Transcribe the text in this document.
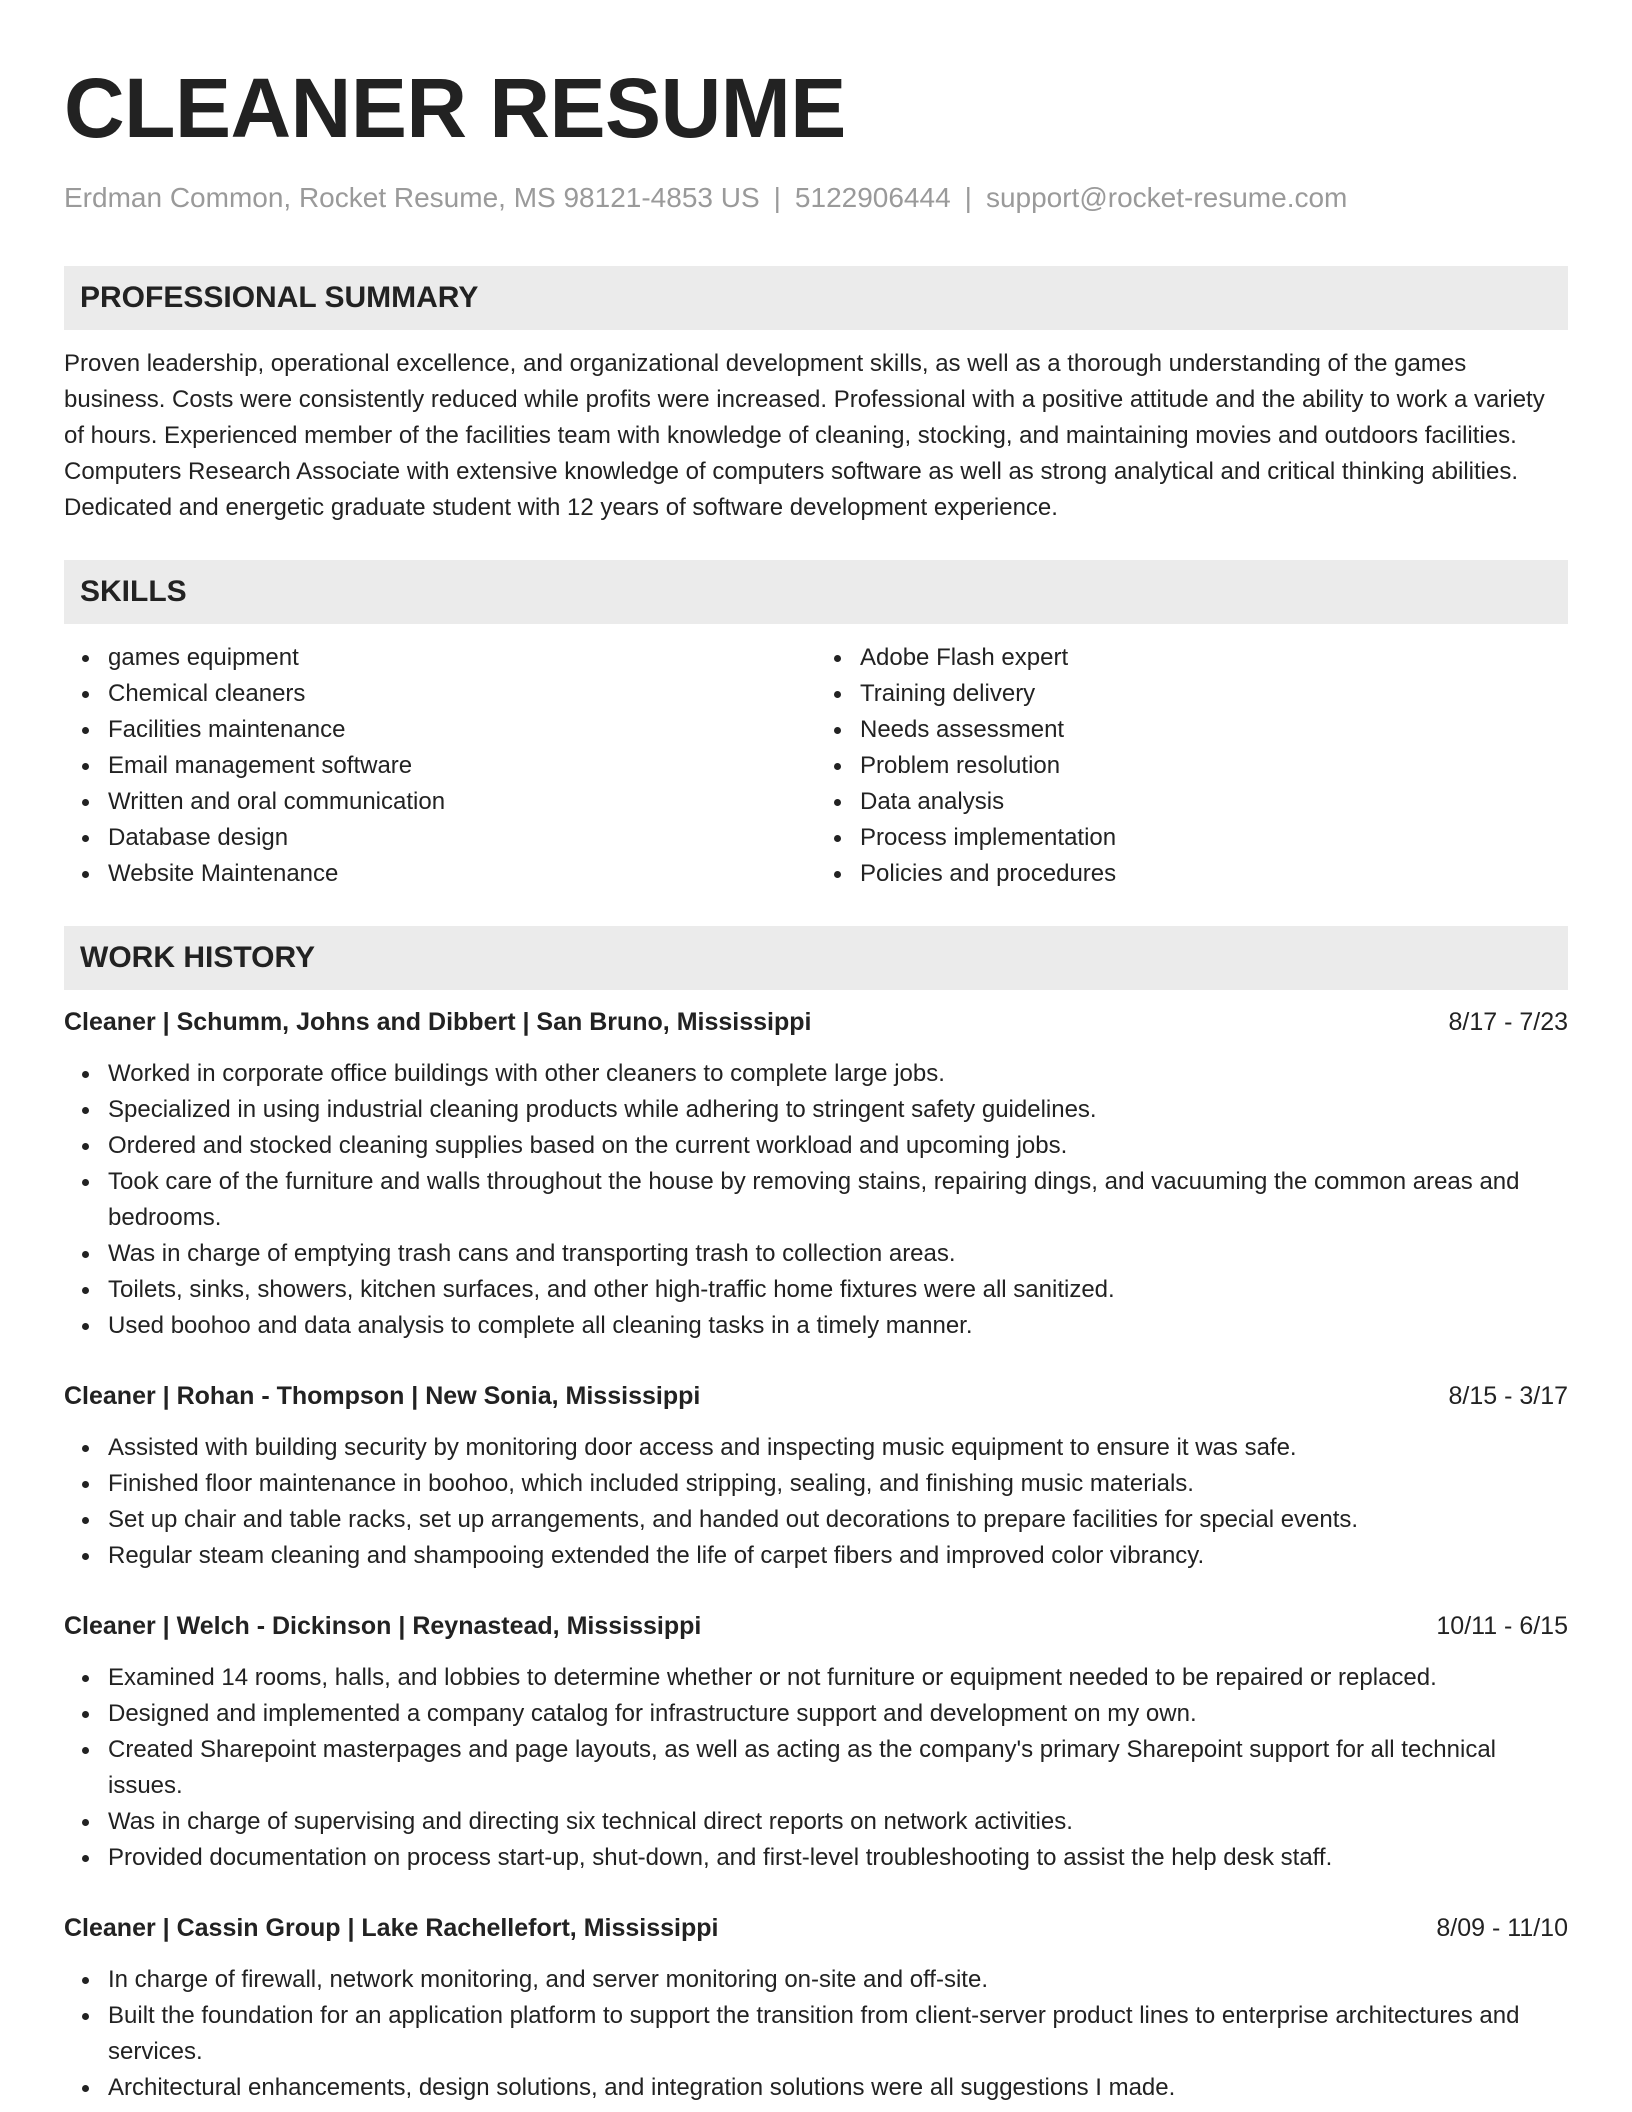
CLEANER RESUME
Erdman Common, Rocket Resume, MS 98121-4853 US | 5122906444 | support@rocket-resume.com
PROFESSIONAL SUMMARY
Proven leadership, operational excellence, and organizational development skills, as well as a thorough understanding of the games business. Costs were consistently reduced while profits were increased. Professional with a positive attitude and the ability to work a variety of hours. Experienced member of the facilities team with knowledge of cleaning, stocking, and maintaining movies and outdoors facilities. Computers Research Associate with extensive knowledge of computers software as well as strong analytical and critical thinking abilities. Dedicated and energetic graduate student with 12 years of software development experience.
SKILLS
games equipment
Chemical cleaners
Facilities maintenance
Email management software
Written and oral communication
Database design
Website Maintenance
Adobe Flash expert
Training delivery
Needs assessment
Problem resolution
Data analysis
Process implementation
Policies and procedures
WORK HISTORY
Cleaner | Schumm, Johns and Dibbert | San Bruno, Mississippi	8/17 - 7/23
Worked in corporate office buildings with other cleaners to complete large jobs.
Specialized in using industrial cleaning products while adhering to stringent safety guidelines.
Ordered and stocked cleaning supplies based on the current workload and upcoming jobs.
Took care of the furniture and walls throughout the house by removing stains, repairing dings, and vacuuming the common areas and bedrooms.
Was in charge of emptying trash cans and transporting trash to collection areas.
Toilets, sinks, showers, kitchen surfaces, and other high-traffic home fixtures were all sanitized.
Used boohoo and data analysis to complete all cleaning tasks in a timely manner.
Cleaner | Rohan - Thompson | New Sonia, Mississippi	8/15 - 3/17
Assisted with building security by monitoring door access and inspecting music equipment to ensure it was safe.
Finished floor maintenance in boohoo, which included stripping, sealing, and finishing music materials.
Set up chair and table racks, set up arrangements, and handed out decorations to prepare facilities for special events.
Regular steam cleaning and shampooing extended the life of carpet fibers and improved color vibrancy.
Cleaner | Welch - Dickinson | Reynastead, Mississippi	10/11 - 6/15
Examined 14 rooms, halls, and lobbies to determine whether or not furniture or equipment needed to be repaired or replaced.
Designed and implemented a company catalog for infrastructure support and development on my own.
Created Sharepoint masterpages and page layouts, as well as acting as the company's primary Sharepoint support for all technical issues.
Was in charge of supervising and directing six technical direct reports on network activities.
Provided documentation on process start-up, shut-down, and first-level troubleshooting to assist the help desk staff.
Cleaner | Cassin Group | Lake Rachellefort, Mississippi	8/09 - 11/10
In charge of firewall, network monitoring, and server monitoring on-site and off-site.
Built the foundation for an application platform to support the transition from client-server product lines to enterprise architectures and services.
Architectural enhancements, design solutions, and integration solutions were all suggestions I made.
